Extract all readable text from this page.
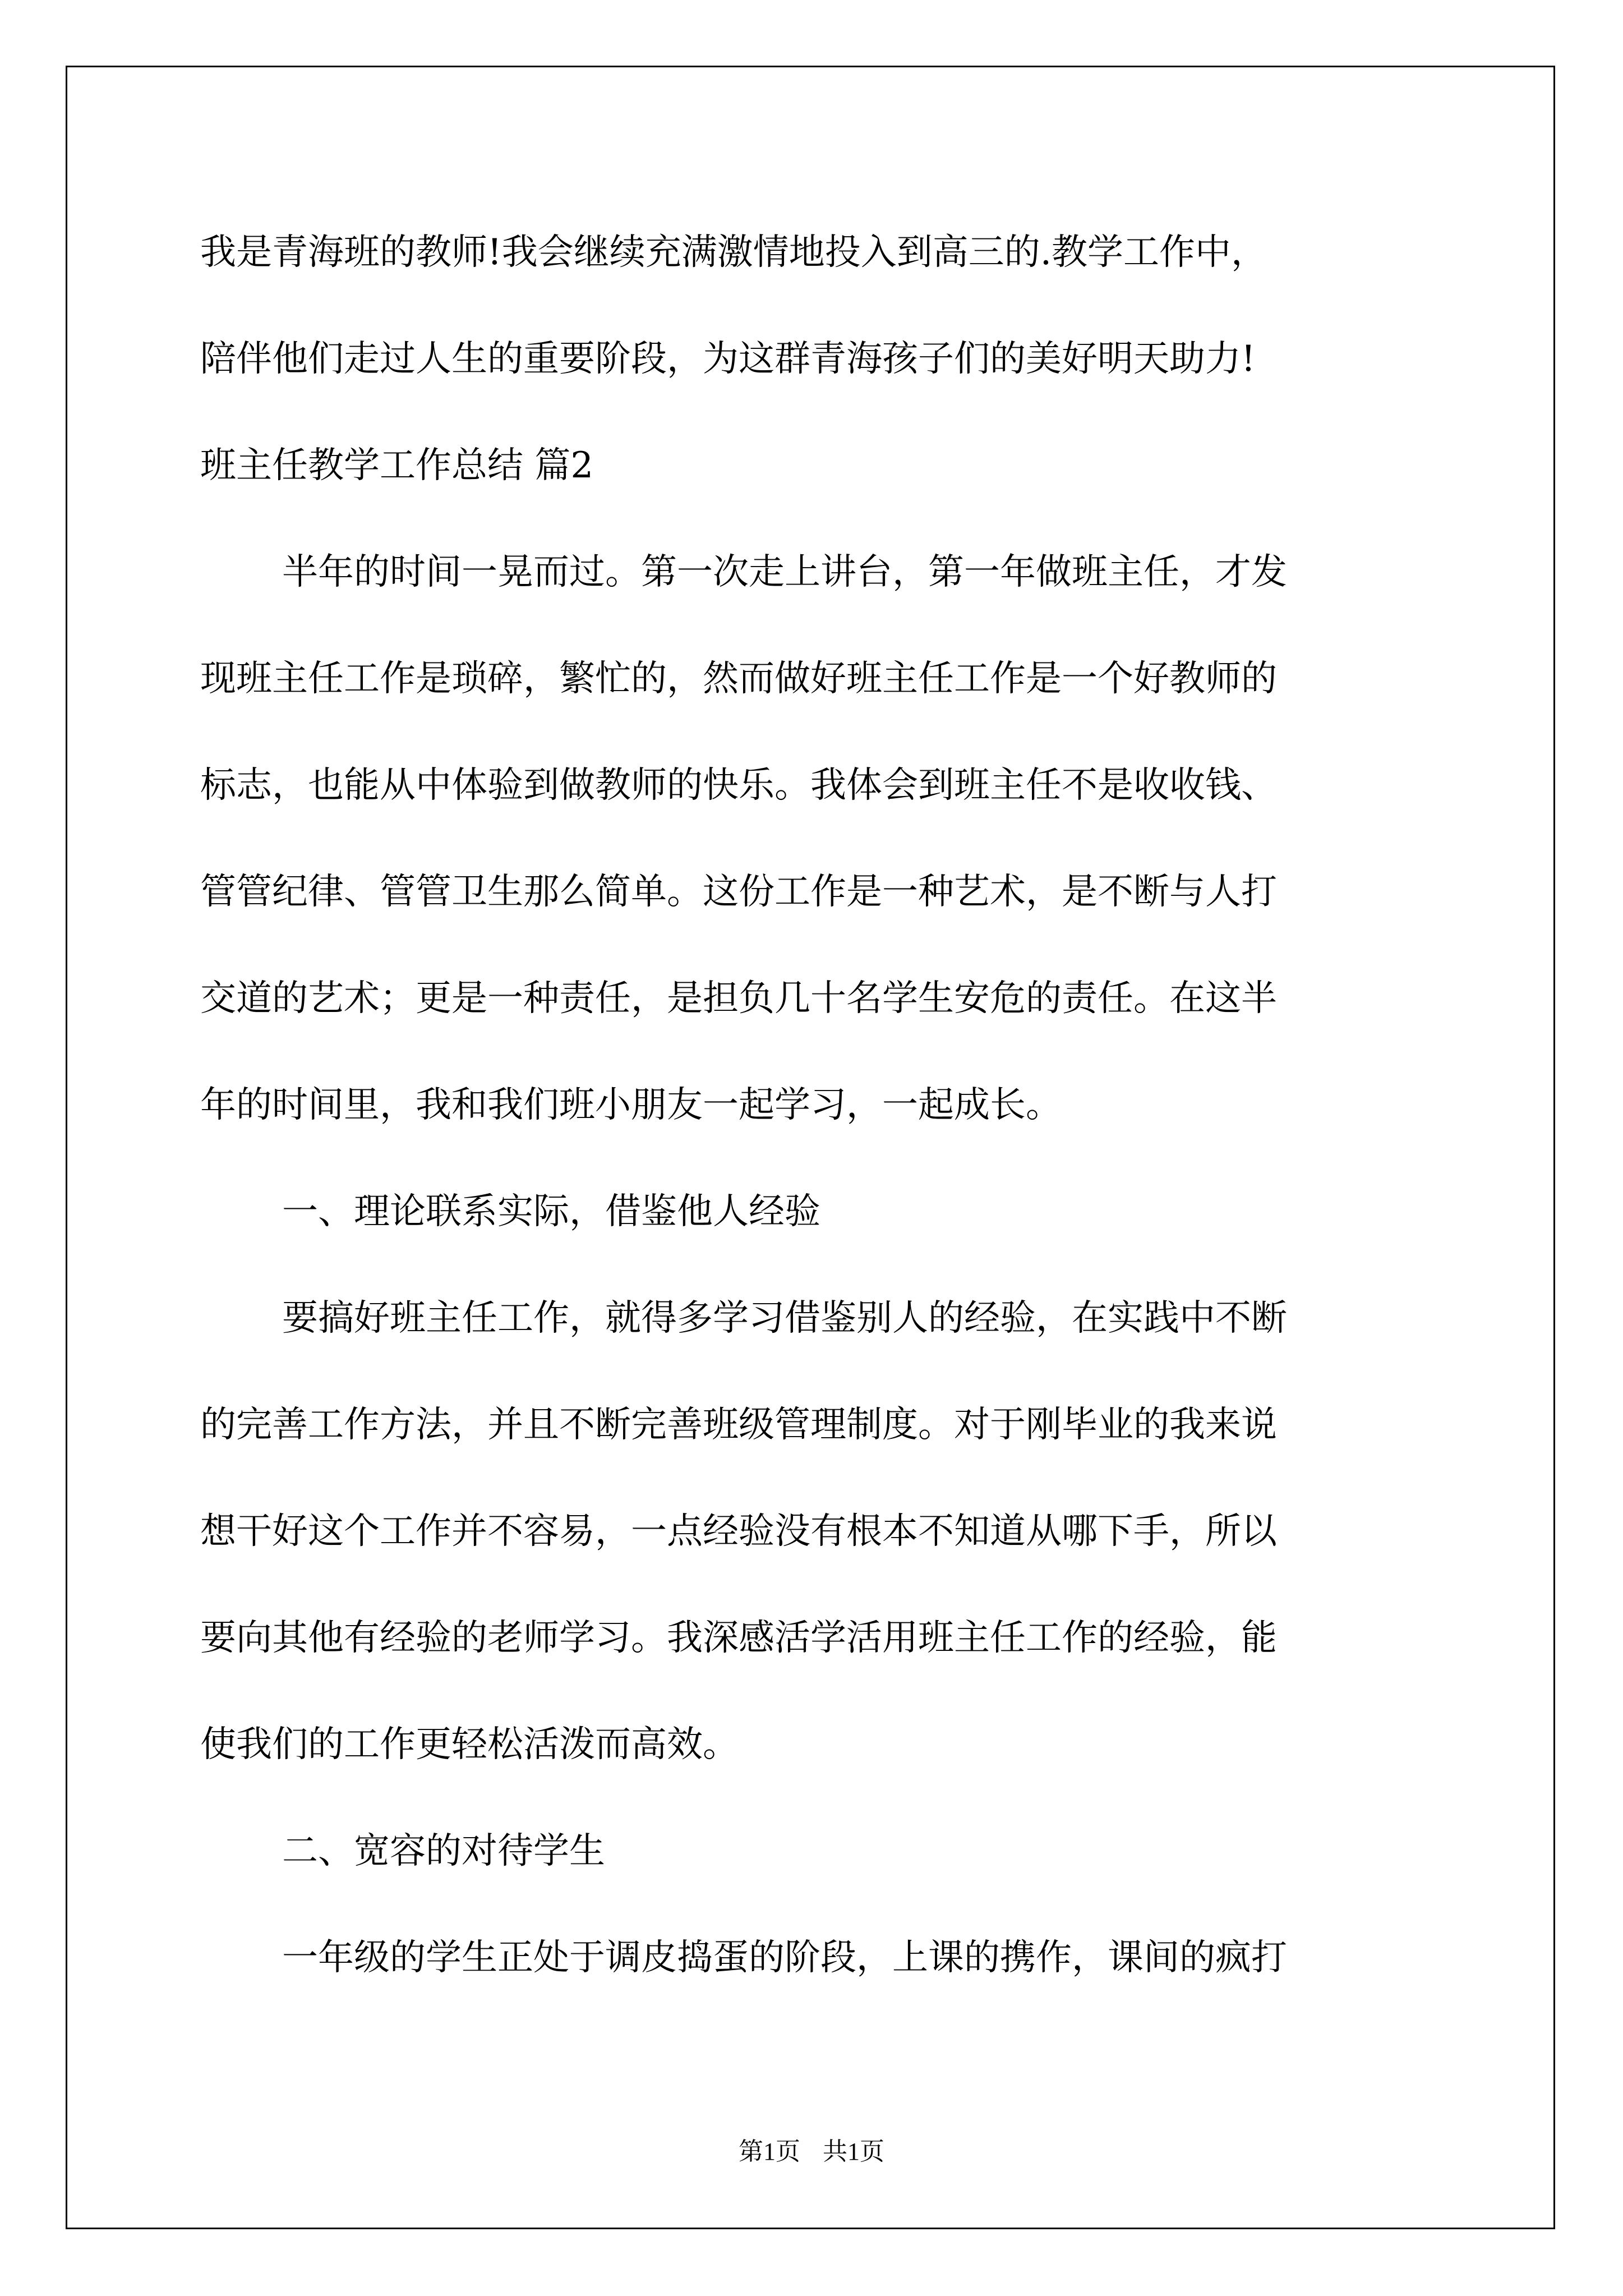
我是青海班的教师!我会继续充满激情地投入到高三的.教学工作中，
陪伴他们走过人生的重要阶段，为这群青海孩子们的美好明天助力!
班主任教学工作总结 篇2
半年的时间一晃而过。第一次走上讲台，第一年做班主任，才发
现班主任工作是琐碎，繁忙的，然而做好班主任工作是一个好教师的
标志，也能从中体验到做教师的快乐。我体会到班主任不是收收钱、
管管纪律、管管卫生那么简单。这份工作是一种艺术，是不断与人打
交道的艺术；更是一种责任，是担负几十名学生安危的责任。在这半
年的时间里，我和我们班小朋友一起学习，一起成长。
一、理论联系实际，借鉴他人经验
要搞好班主任工作，就得多学习借鉴别人的经验，在实践中不断
的完善工作方法，并且不断完善班级管理制度。对于刚毕业的我来说
想干好这个工作并不容易，一点经验没有根本不知道从哪下手，所以
要向其他有经验的老师学习。我深感活学活用班主任工作的经验，能
使我们的工作更轻松活泼而高效。
二、宽容的对待学生
一年级的学生正处于调皮捣蛋的阶段，上课的携作，课间的疯打
第1页 共1页
